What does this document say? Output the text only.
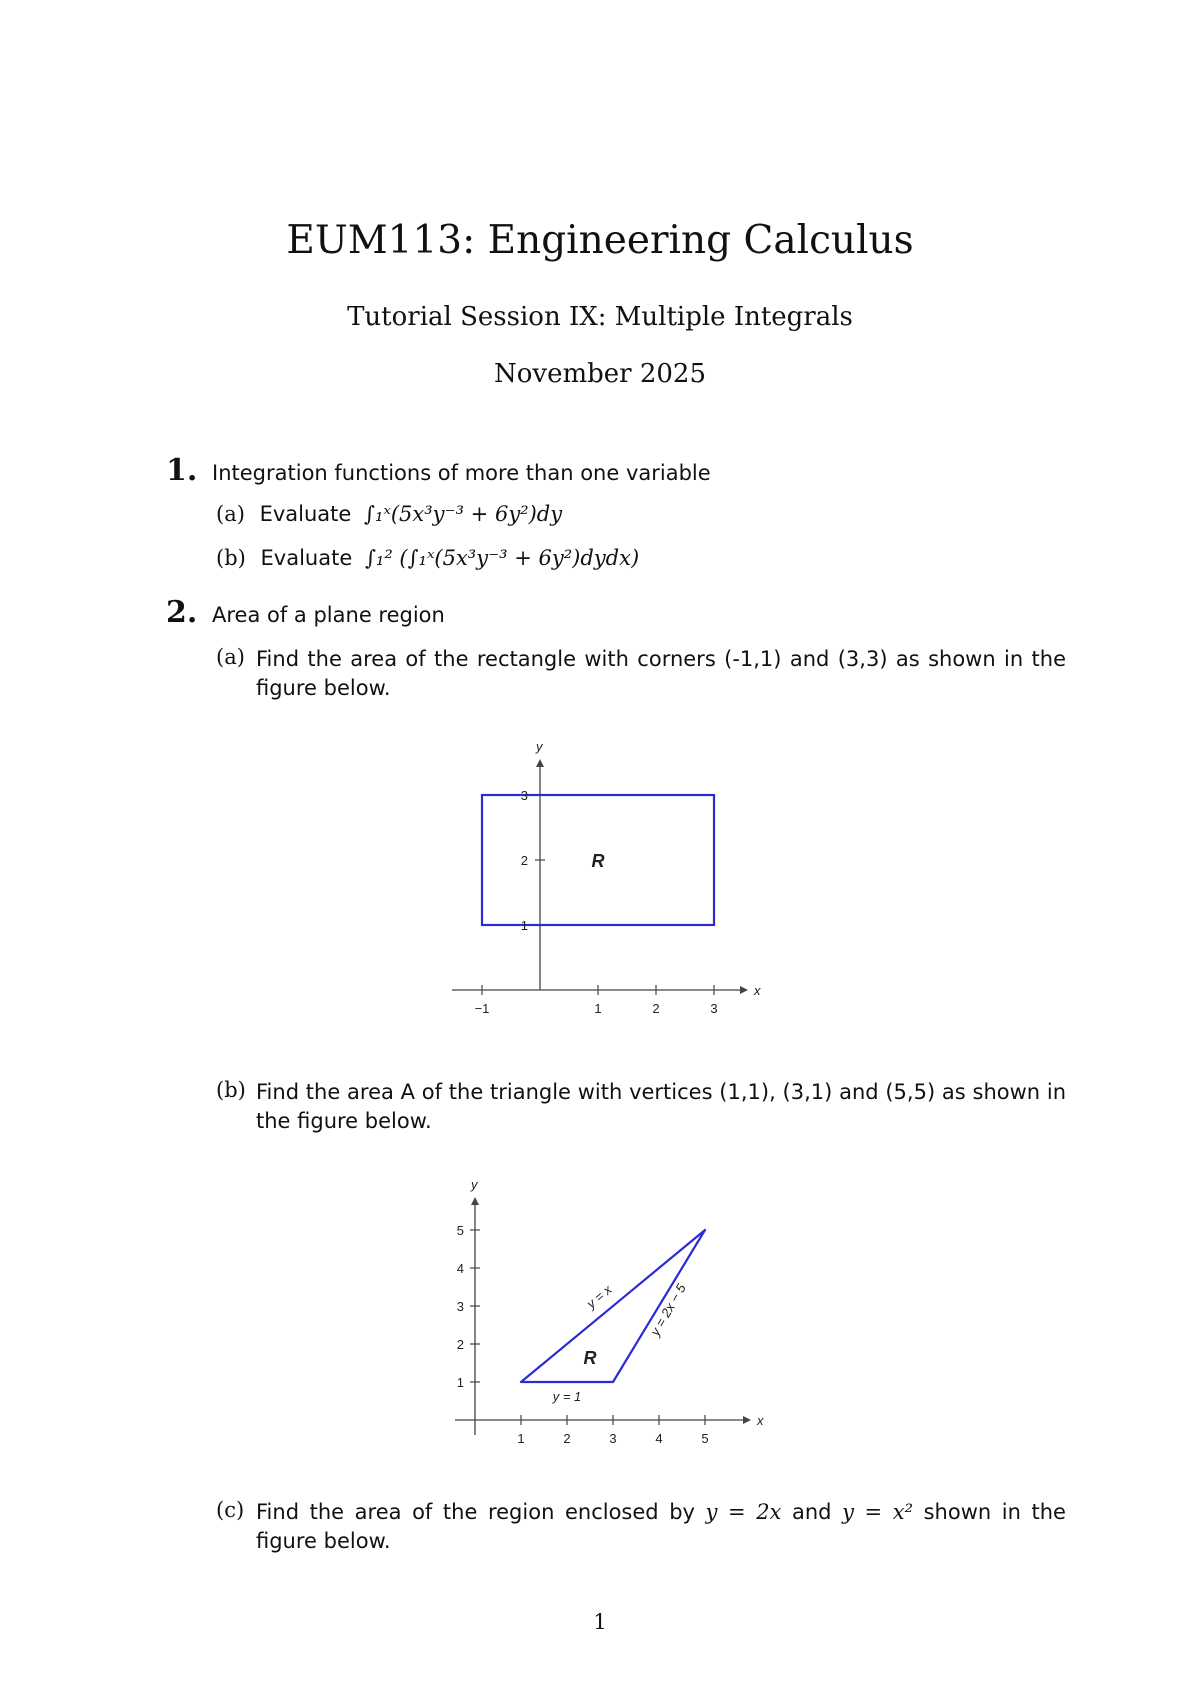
EUM113: Engineering Calculus
Tutorial Session IX: Multiple Integrals
November 2025
1. Integration functions of more than one variable
(a) Evaluate ∫₁ˣ(5x³y⁻³ + 6y²)dy
(b) Evaluate ∫₁² (∫₁ˣ(5x³y⁻³ + 6y²)dydx)
2. Area of a plane region
(a) Find the area of the rectangle with corners (-1,1) and (3,3) as shown in the figure below.
−1	1	2	3
1
2
3
x
y
R
(b) Find the area A of the triangle with vertices (1,1), (3,1) and (5,5) as shown in the figure below.
1	2	3	4	5
1
2
3
4
5
x
y
R
y = x	y = 2x − 5
y = 1
(c) Find the area of the region enclosed by y = 2x and y = x² shown in the figure below.
1
